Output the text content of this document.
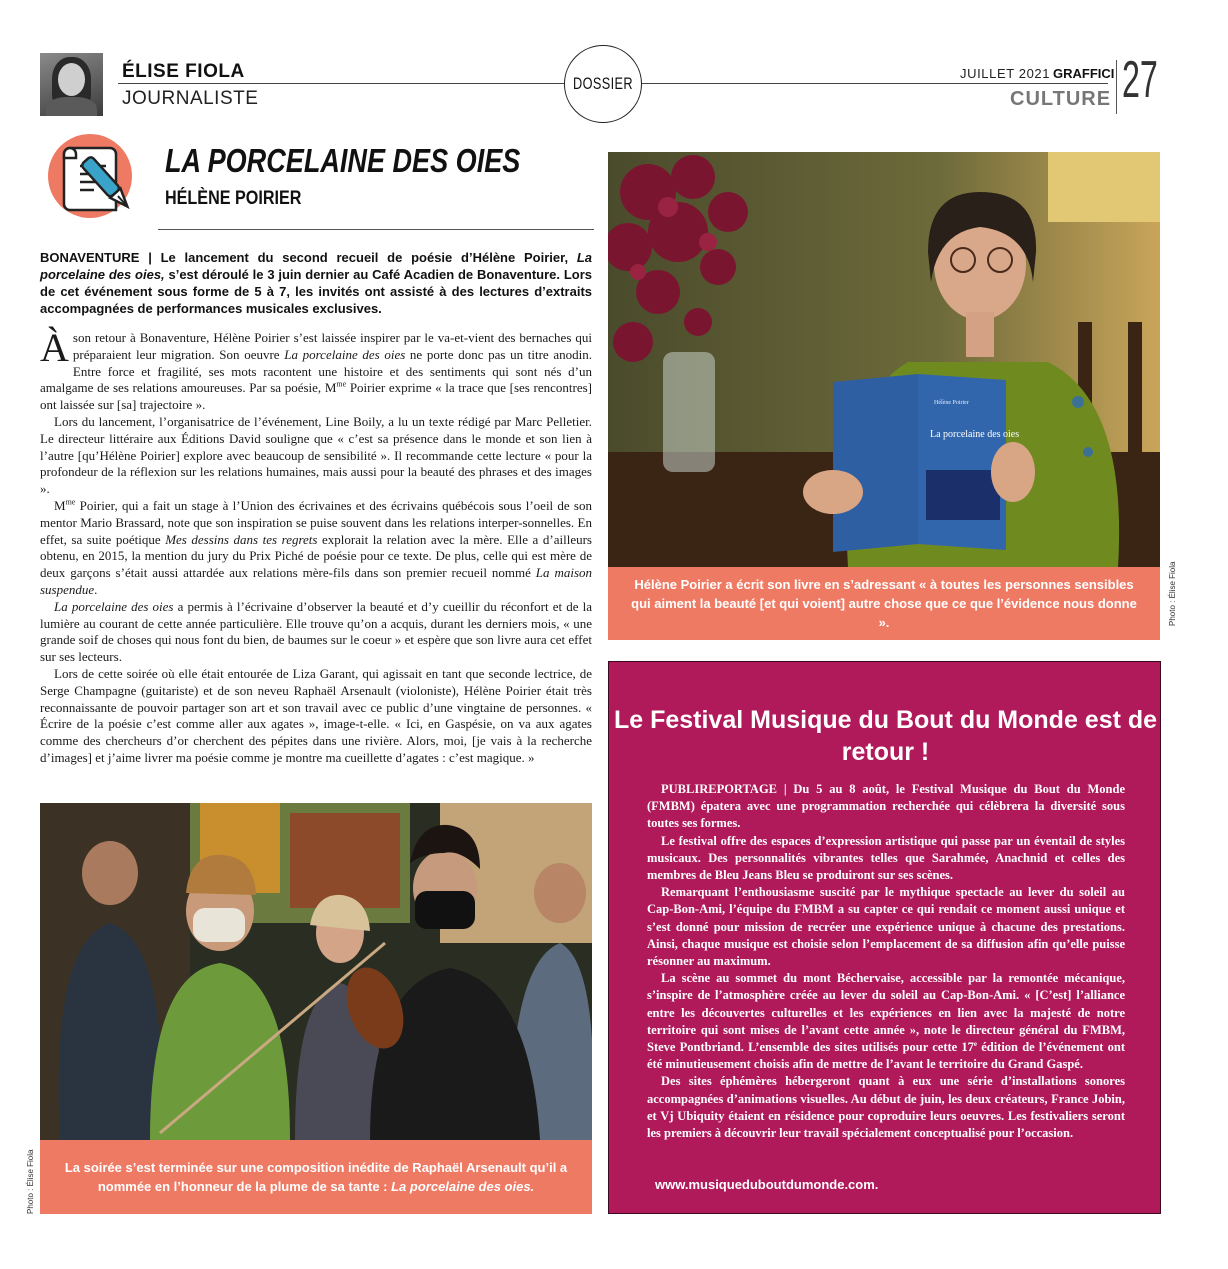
ÉLISE FIOLA
JOURNALISTE
DOSSIER
JUILLET 2021 GRAFFICI
CULTURE 27
LA PORCELAINE DES OIES
HÉLÈNE POIRIER
BONAVENTURE | Le lancement du second recueil de poésie d’Hélène Poirier, La porcelaine des oies, s’est déroulé le 3 juin dernier au Café Acadien de Bonaventure. Lors de cet événement sous forme de 5 à 7, les invités ont assisté à des lectures d’extraits accompagnées de performances musicales exclusives.

À son retour à Bonaventure, Hélène Poirier s’est laissée inspirer par le va-et-vient des bernaches qui préparaient leur migration. Son oeuvre La porcelaine des oies ne porte donc pas un titre anodin. Entre force et fragilité, ses mots racontent une histoire et des sentiments qui sont nés d’un amalgame de ses relations amoureuses. Par sa poésie, $M^{me}$ Poirier exprime « la trace que [ses rencontres] ont laissée sur [sa] trajectoire ».

Lors du lancement, l’organisatrice de l’événement, Line Boily, a lu un texte rédigé par Marc Pelletier. Le directeur littéraire aux Éditions David souligne que « c’est sa présence dans le monde et son lien à l’autre [qu’Hélène Poirier] explore avec beaucoup de sensibilité ». Il recommande cette lecture « pour la profondeur de la réflexion sur les relations humaines, mais aussi pour la beauté des phrases et des images ».

$M^{me}$ Poirier, qui a fait un stage à l’Union des écrivaines et des écrivains québécois sous l’oeil de son mentor Mario Brassard, note que son inspiration se puise souvent dans les relations interper-sonnelles. En effet, sa suite poétique Mes dessins dans tes regrets explorait la relation avec la mère. Elle a d’ailleurs obtenu, en 2015, la mention du jury du Prix Piché de poésie pour ce texte. De plus, celle qui est mère de deux garçons s’était aussi attardée aux relations mère-fils dans son premier recueil nommé La maison suspendue.

La porcelaine des oies a permis à l’écrivaine d’observer la beauté et d’y cueillir du réconfort et de la lumière au courant de cette année particulière. Elle trouve qu’on a acquis, durant les derniers mois, « une grande soif de choses qui nous font du bien, de baumes sur le coeur » et espère que son livre aura cet effet sur ses lecteurs.

Lors de cette soirée où elle était entourée de Liza Garant, qui agissait en tant que seconde lectrice, de Serge Champagne (guitariste) et de son neveu Raphaël Arsenault (violoniste), Hélène Poirier était très reconnaissante de pouvoir partager son art et son travail avec ce public d’une vingtaine de personnes. « Écrire de la poésie c’est comme aller aux agates », image-t-elle. « Ici, en Gaspésie, on va aux agates comme des chercheurs d’or cherchent des pépites dans une rivière. Alors, moi, [je vais à la recherche d’images] et j’aime livrer ma poésie comme je montre ma cueillette d’agates : c’est magique. »

Hélène Poirier
La porcelaine des oies
Hélène Poirier a écrit son livre en s’adressant « à toutes les personnes sensibles qui aiment la beauté [et qui voient] autre chose que ce que l’évidence nous donne ».	Photo : Élise Fiola
La soirée s’est terminée sur une composition inédite de Raphaël Arsenault qu’il a nommée en l’honneur de la plume de sa tante : La porcelaine des oies.
Photo : Élise Fiola
Le Festival Musique du Bout du Monde est de retour !

PUBLIREPORTAGE | Du 5 au 8 août, le Festival Musique du Bout du Monde (FMBM) épatera avec une programmation recherchée qui célèbrera la diversité sous toutes ses formes.

Le festival offre des espaces d’expression artistique qui passe par un éventail de styles musicaux. Des personnalités vibrantes telles que Sarahmée, Anachnid et celles des membres de Bleu Jeans Bleu se produiront sur ses scènes.

Remarquant l’enthousiasme suscité par le mythique spectacle au lever du soleil au Cap-Bon-Ami, l’équipe du FMBM a su capter ce qui rendait ce moment aussi unique et s’est donné pour mission de recréer une expérience unique à chacune des prestations. Ainsi, chaque musique est choisie selon l’emplacement de sa diffusion afin qu’elle puisse résonner au maximum.

La scène au sommet du mont Béchervaise, accessible par la remontée mécanique, s’inspire de l’atmosphère créée au lever du soleil au Cap-Bon-Ami. « [C’est] l’alliance entre les découvertes culturelles et les expériences en lien avec la majesté de notre territoire qui sont mises de l’avant cette année », note le directeur général du FMBM, Steve Pontbriand. L’ensemble des sites utilisés pour cette 17e édition de l’événement ont été minutieusement choisis afin de mettre de l’avant le territoire du Grand Gaspé.

Des sites éphémères hébergeront quant à eux une série d’installations sonores accompagnées d’animations visuelles. Au début de juin, les deux créateurs, France Jobin, et Vj Ubiquity étaient en résidence pour coproduire leurs oeuvres. Les festivaliers seront les premiers à découvrir leur travail spécialement conceptualisé pour l’occasion.

www.musiqueduboutdumonde.com.
